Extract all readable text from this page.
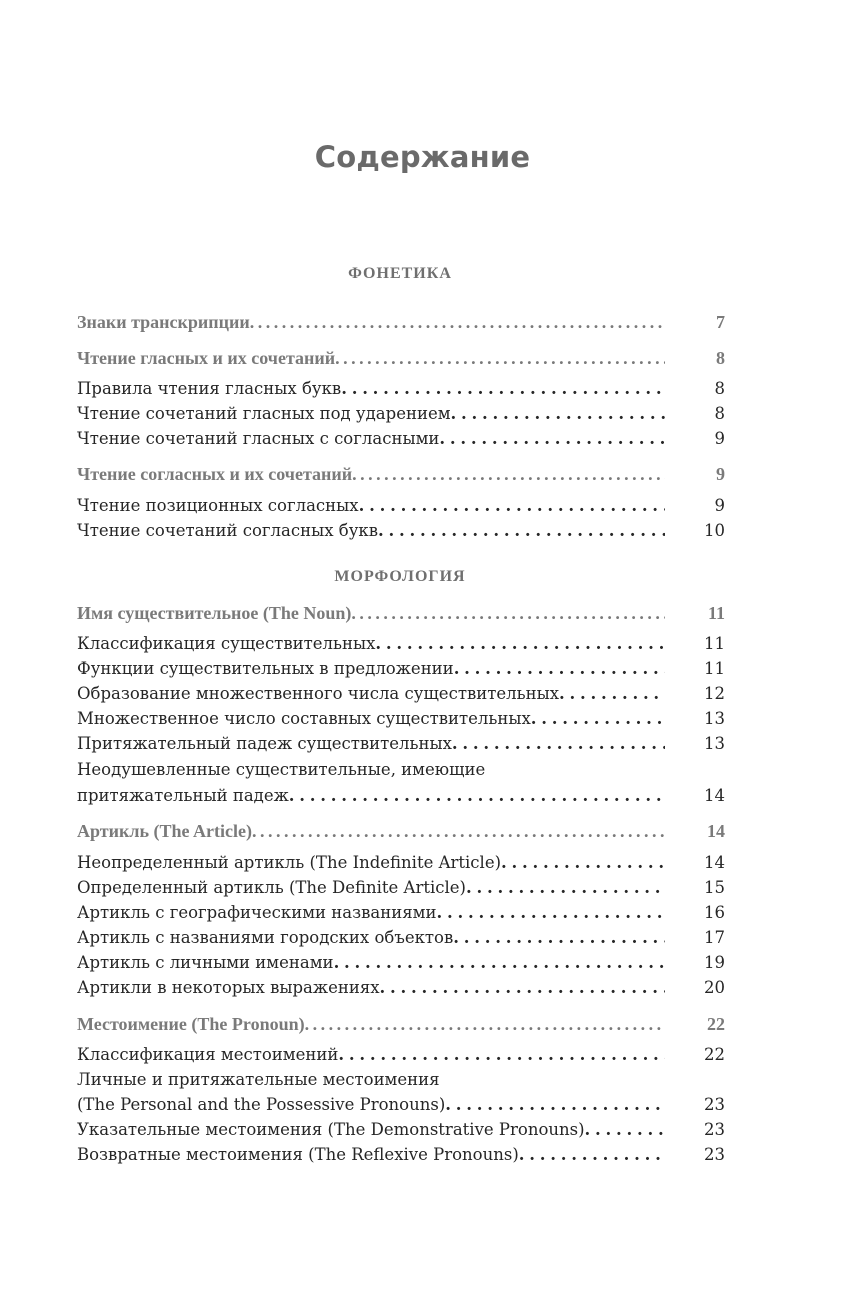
Содержание
ФОНЕТИКА
МОРФОЛОГИЯ
Знаки транскрипции . . .	7
Чтение гласных и их сочетаний . . .	8
Правила чтения гласных букв . . .	8
Чтение сочетаний гласных под ударением . . .	8
Чтение сочетаний гласных с согласными . . .	9
Чтение согласных и их сочетаний . . .	9
Чтение позиционных согласных . . .	9
Чтение сочетаний согласных букв . . .	10
Имя существительное (The Noun) . . .	11
Классификация существительных . . .	11
Функции существительных в предложении . . .	11
Образование множественного числа существительных . . .	12
Множественное число составных существительных . . .	13
Притяжательный падеж существительных . . .	13
Неодушевленные существительные, имеющие
притяжательный падеж . . .	14
Артикль (The Article) . . .	14
Неопределенный артикль (The Indefinite Article) . . .	14
Определенный артикль (The Definite Article) . . .	15
Артикль с географическими названиями . . .	16
Артикль с названиями городских объектов . . .	17
Артикль с личными именами . . .	19
Артикли в некоторых выражениях . . .	20
Местоимение (The Pronoun) . . .	22
Классификация местоимений . . .	22
Личные и притяжательные местоимения
(The Personal and the Possessive Pronouns) . . .	23
Указательные местоимения (The Demonstrative Pronouns) . . .	23
Возвратные местоимения (The Reflexive Pronouns) . . .	23
